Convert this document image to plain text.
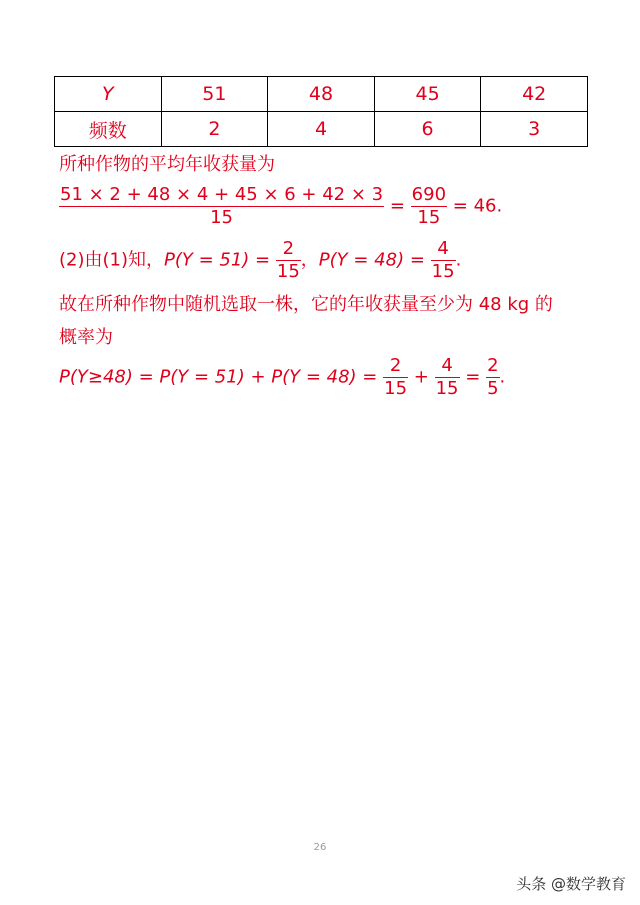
Y	51	48	45	42
频数	2	4	6	3
所种作物的平均年收获量为
$\frac{51 \times 2 + 48 \times 4 + 45 \times 6 + 42 \times 3}{15} = \frac{690}{15} = 46$.
(2)由(1)知，$P(Y = 51) = \frac{2}{15}$ ，$P(Y = 48) = \frac{4}{15}$ .
故在所种作物中随机选取一株，它的年收获量至少为 48 kg 的
概率为
$P(Y\ge 48) = P(Y = 51) + P(Y = 48) = \frac{2}{15} + \frac{4}{15} = \frac{2}{5}$ .
26
头条 @数学教育
